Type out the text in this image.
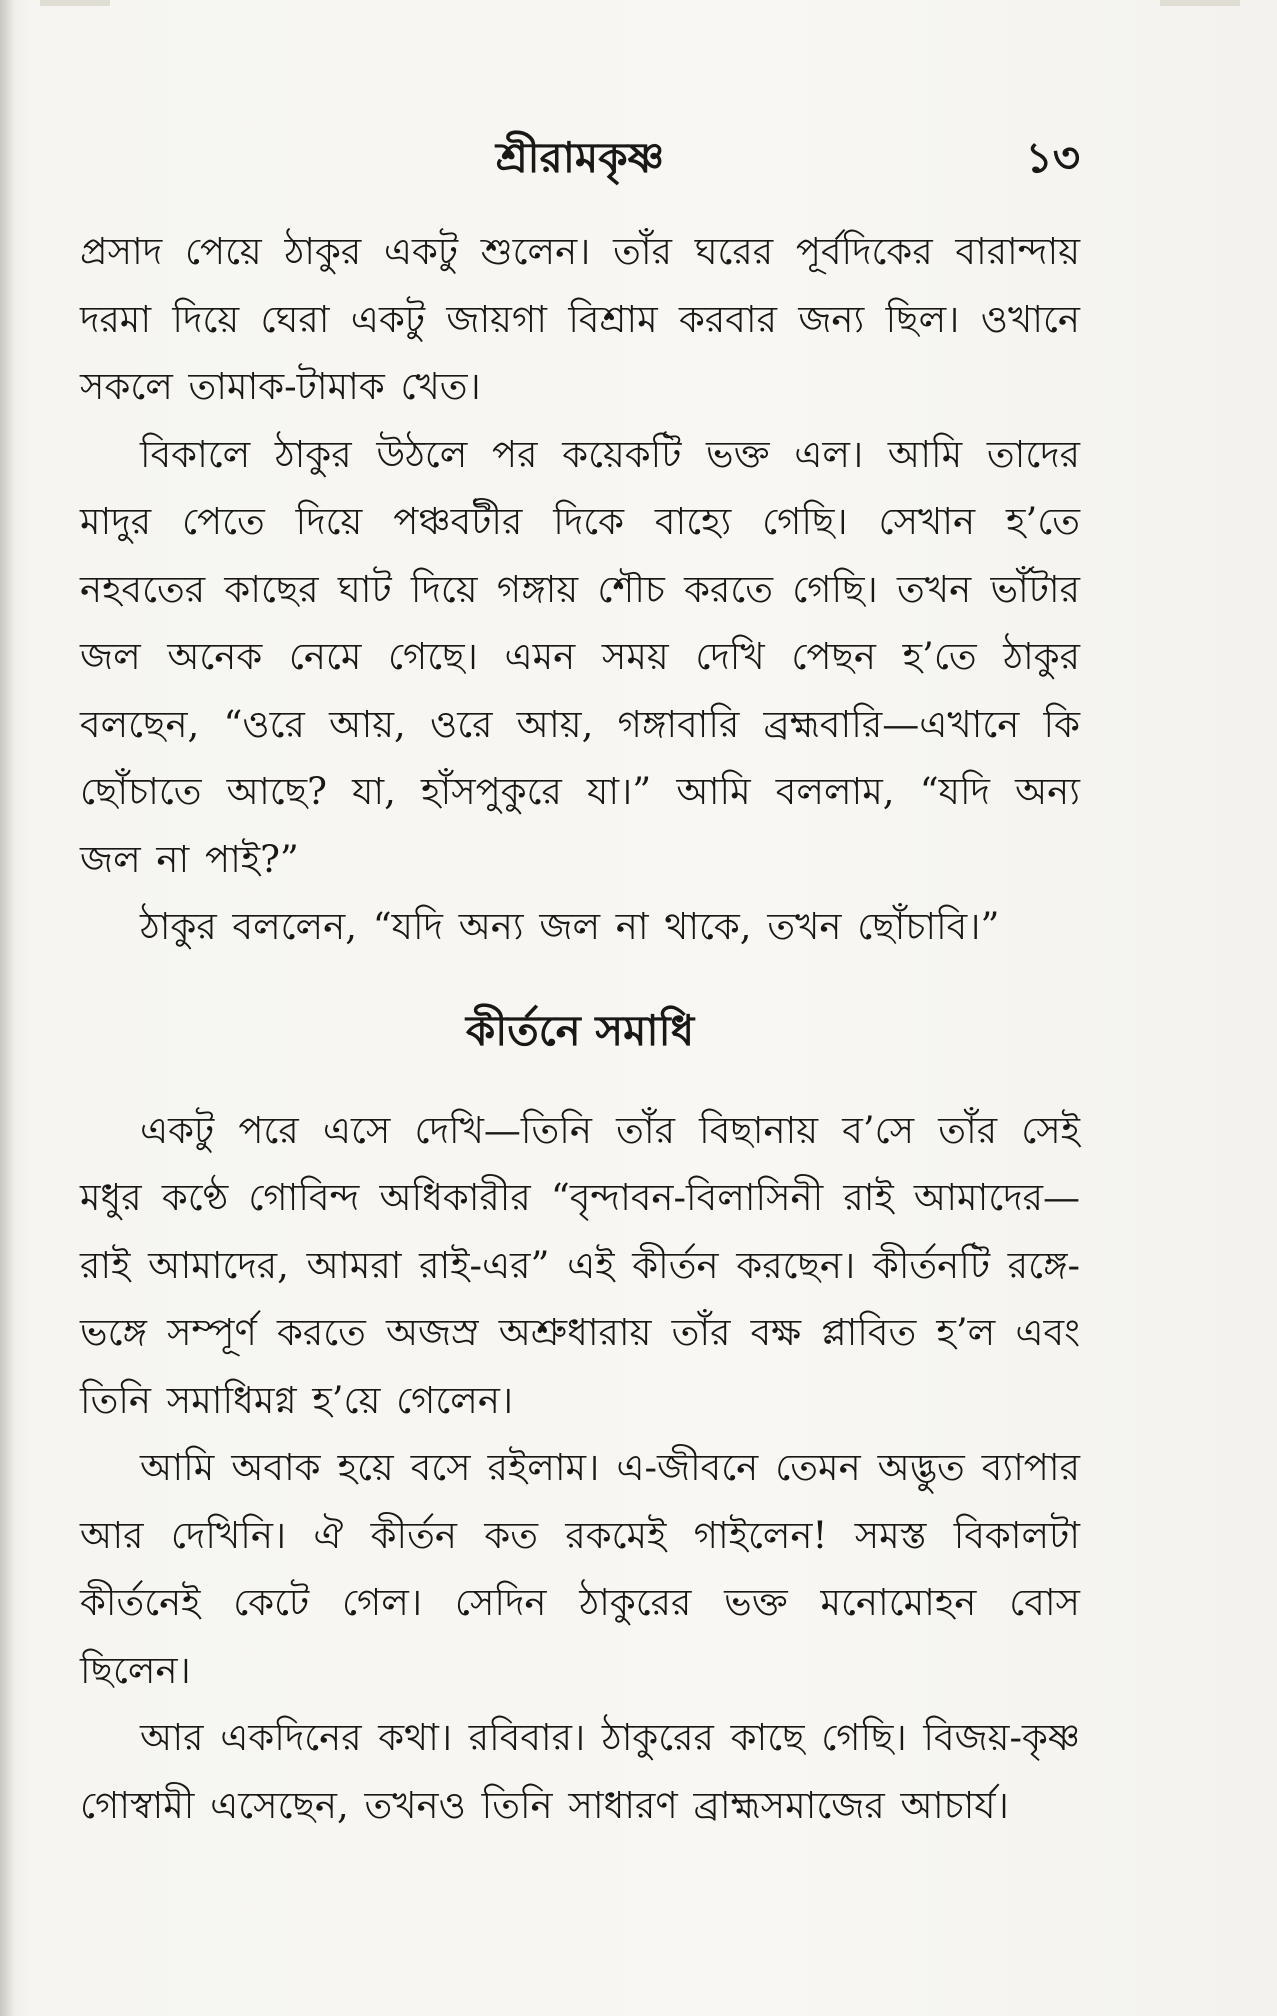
শ্রীরামকৃষ্ণ	১৩

প্রসাদ পেয়ে ঠাকুর একটু শুলেন। তাঁর ঘরের পূর্বদিকের বারান্দায় দরমা দিয়ে ঘেরা একটু জায়গা বিশ্রাম করবার জন্য ছিল। ওখানে সকলে তামাক-টামাক খেত।

বিকালে ঠাকুর উঠলে পর কয়েকটি ভক্ত এল। আমি তাদের মাদুর পেতে দিয়ে পঞ্চবটীর দিকে বাহ্যে গেছি। সেখান হ’তে নহবতের কাছের ঘাট দিয়ে গঙ্গায় শৌচ করতে গেছি। তখন ভাঁটার জল অনেক নেমে গেছে। এমন সময় দেখি পেছন হ’তে ঠাকুর বলছেন, “ওরে আয়, ওরে আয়, গঙ্গাবারি ব্রহ্মবারি—এখানে কি ছোঁচাতে আছে? যা, হাঁসপুকুরে যা।” আমি বললাম, “যদি অন্য জল না পাই?”

ঠাকুর বললেন, “যদি অন্য জল না থাকে, তখন ছোঁচাবি।”

কীর্তনে সমাধি

একটু পরে এসে দেখি—তিনি তাঁর বিছানায় ব’সে তাঁর সেই মধুর কণ্ঠে গোবিন্দ অধিকারীর “বৃন্দাবন-বিলাসিনী রাই আমাদের—রাই আমাদের, আমরা রাই-এর” এই কীর্তন করছেন। কীর্তনটি রঙ্গে-ভঙ্গে সম্পূর্ণ করতে অজস্র অশ্রুধারায় তাঁর বক্ষ প্লাবিত হ’ল এবং তিনি সমাধিমগ্ন হ’য়ে গেলেন।

আমি অবাক হয়ে বসে রইলাম। এ-জীবনে তেমন অদ্ভুত ব্যাপার আর দেখিনি। ঐ কীর্তন কত রকমেই গাইলেন! সমস্ত বিকালটা কীর্তনেই কেটে গেল। সেদিন ঠাকুরের ভক্ত মনোমোহন বোস ছিলেন।

আর একদিনের কথা। রবিবার। ঠাকুরের কাছে গেছি। বিজয়-কৃষ্ণ গোস্বামী এসেছেন, তখনও তিনি সাধারণ ব্রাহ্মসমাজের আচার্য।
